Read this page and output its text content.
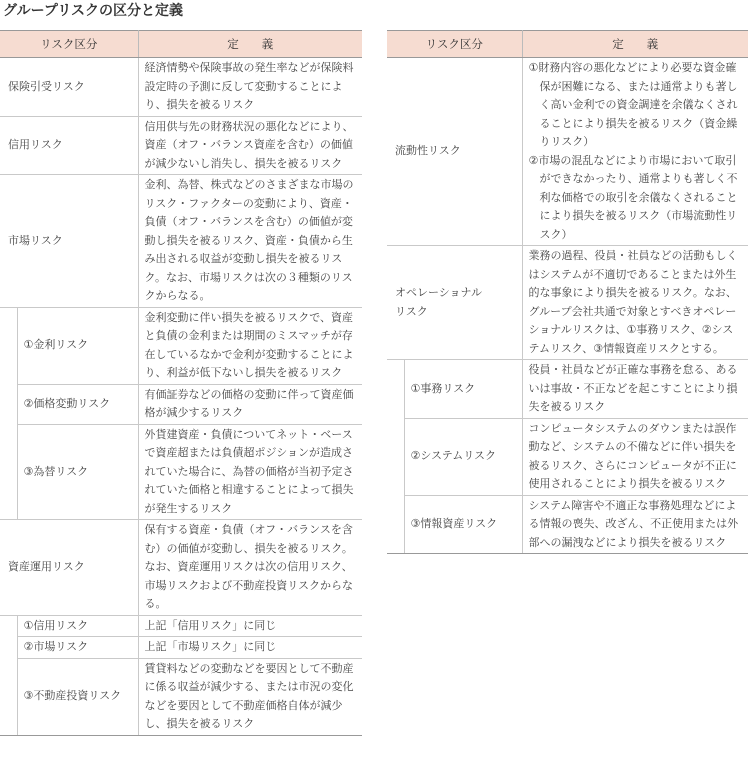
グループリスクの区分と定義
リスク区分		定　　義
保険引受リスク		経済情勢や保険事故の発生率などが保険料設定時の予測に反して変動することにより、損失を被るリスク
信用リスク		信用供与先の財務状況の悪化などにより、資産（オフ・バランス資産を含む）の価値が減少ないし消失し、損失を被るリスク
市場リスク		金利、為替、株式などのさまざまな市場のリスク・ファクターの変動により、資産・負債（オフ・バランスを含む）の価値が変動し損失を被るリスク、資産・負債から生み出される収益が変動し損失を被るリスク。なお、市場リスクは次の３種類のリスクからなる。
	①金利リスク	金利変動に伴い損失を被るリスクで、資産と負債の金利または期間のミスマッチが存在しているなかで金利が変動することにより、利益が低下ないし損失を被るリスク
	②価格変動リスク	有価証券などの価格の変動に伴って資産価格が減少するリスク
	③為替リスク	外貨建資産・負債についてネット・ベースで資産超または負債超ポジションが造成されていた場合に、為替の価格が当初予定されていた価格と相違することによって損失が発生するリスク
資産運用リスク		保有する資産・負債（オフ・バランスを含む）の価値が変動し、損失を被るリスク。なお、資産運用リスクは次の信用リスク、市場リスクおよび不動産投資リスクからなる。
	①信用リスク	上記「信用リスク」に同じ
	②市場リスク	上記「市場リスク」に同じ
	③不動産投資リスク	賃貸料などの変動などを要因として不動産に係る収益が減少する、または市況の変化などを要因として不動産価格自体が減少し、損失を被るリスク
リスク区分		定　　義
流動性リスク		①財務内容の悪化などにより必要な資金確保が困難になる、または通常よりも著しく高い金利での資金調達を余儀なくされることにより損失を被るリスク（資金繰りリスク）

②市場の混乱などにより市場において取引ができなかったり、通常よりも著しく不利な価格での取引を余儀なくされることにより損失を被るリスク（市場流動性リスク）

オペレーショナルリスク		業務の過程、役員・社員などの活動もしくはシステムが不適切であることまたは外生的な事象により損失を被るリスク。なお、グループ会社共通で対象とすべきオペレーショナルリスクは、①事務リスク、②システムリスク、③情報資産リスクとする。
	①事務リスク	役員・社員などが正確な事務を怠る、あるいは事故・不正などを起こすことにより損失を被るリスク
	②システムリスク	コンピュータシステムのダウンまたは誤作動など、システムの不備などに伴い損失を被るリスク、さらにコンピュータが不正に使用されることにより損失を被るリスク
	③情報資産リスク	システム障害や不適正な事務処理などによる情報の喪失、改ざん、不正使用または外部への漏洩などにより損失を被るリスク
